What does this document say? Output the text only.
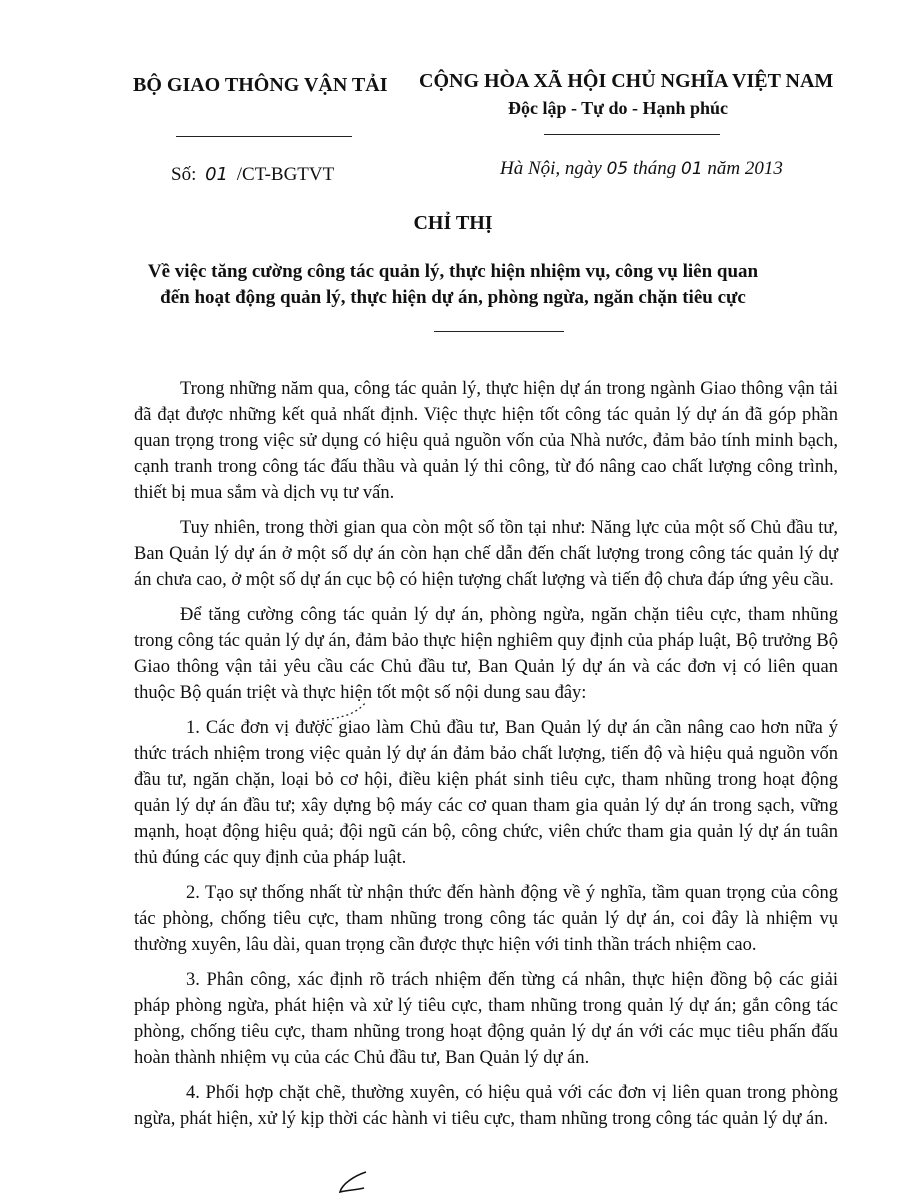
BỘ GIAO THÔNG VẬN TẢI CỘNG HÒA XÃ HỘI CHỦ NGHĨA VIỆT NAM
Độc lập - Tự do - Hạnh phúc
Số: 01 /CT-BGTVT	Hà Nội, ngày 05 tháng 01 năm 2013
CHỈ THỊ
Về việc tăng cường công tác quản lý, thực hiện nhiệm vụ, công vụ liên quan
đến hoạt động quản lý, thực hiện dự án, phòng ngừa, ngăn chặn tiêu cực

Trong những năm qua, công tác quản lý, thực hiện dự án trong ngành Giao thông vận tải đã đạt được những kết quả nhất định. Việc thực hiện tốt công tác quản lý dự án đã góp phần quan trọng trong việc sử dụng có hiệu quả nguồn vốn của Nhà nước, đảm bảo tính minh bạch, cạnh tranh trong công tác đấu thầu và quản lý thi công, từ đó nâng cao chất lượng công trình, thiết bị mua sắm và dịch vụ tư vấn.

Tuy nhiên, trong thời gian qua còn một số tồn tại như: Năng lực của một số Chủ đầu tư, Ban Quản lý dự án ở một số dự án còn hạn chế dẫn đến chất lượng trong công tác quản lý dự án chưa cao, ở một số dự án cục bộ có hiện tượng chất lượng và tiến độ chưa đáp ứng yêu cầu.

Để tăng cường công tác quản lý dự án, phòng ngừa, ngăn chặn tiêu cực, tham nhũng trong công tác quản lý dự án, đảm bảo thực hiện nghiêm quy định của pháp luật, Bộ trưởng Bộ Giao thông vận tải yêu cầu các Chủ đầu tư, Ban Quản lý dự án và các đơn vị có liên quan thuộc Bộ quán triệt và thực hiện tốt một số nội dung sau đây:

1. Các đơn vị được giao làm Chủ đầu tư, Ban Quản lý dự án cần nâng cao hơn nữa ý thức trách nhiệm trong việc quản lý dự án đảm bảo chất lượng, tiến độ và hiệu quả nguồn vốn đầu tư, ngăn chặn, loại bỏ cơ hội, điều kiện phát sinh tiêu cực, tham nhũng trong hoạt động quản lý dự án đầu tư; xây dựng bộ máy các cơ quan tham gia quản lý dự án trong sạch, vững mạnh, hoạt động hiệu quả; đội ngũ cán bộ, công chức, viên chức tham gia quản lý dự án tuân thủ đúng các quy định của pháp luật.

2. Tạo sự thống nhất từ nhận thức đến hành động về ý nghĩa, tầm quan trọng của công tác phòng, chống tiêu cực, tham nhũng trong công tác quản lý dự án, coi đây là nhiệm vụ thường xuyên, lâu dài, quan trọng cần được thực hiện với tinh thần trách nhiệm cao.

3. Phân công, xác định rõ trách nhiệm đến từng cá nhân, thực hiện đồng bộ các giải pháp phòng ngừa, phát hiện và xử lý tiêu cực, tham nhũng trong quản lý dự án; gắn công tác phòng, chống tiêu cực, tham nhũng trong hoạt động quản lý dự án với các mục tiêu phấn đấu hoàn thành nhiệm vụ của các Chủ đầu tư, Ban Quản lý dự án.

4. Phối hợp chặt chẽ, thường xuyên, có hiệu quả với các đơn vị liên quan trong phòng ngừa, phát hiện, xử lý kịp thời các hành vi tiêu cực, tham nhũng trong công tác quản lý dự án.
